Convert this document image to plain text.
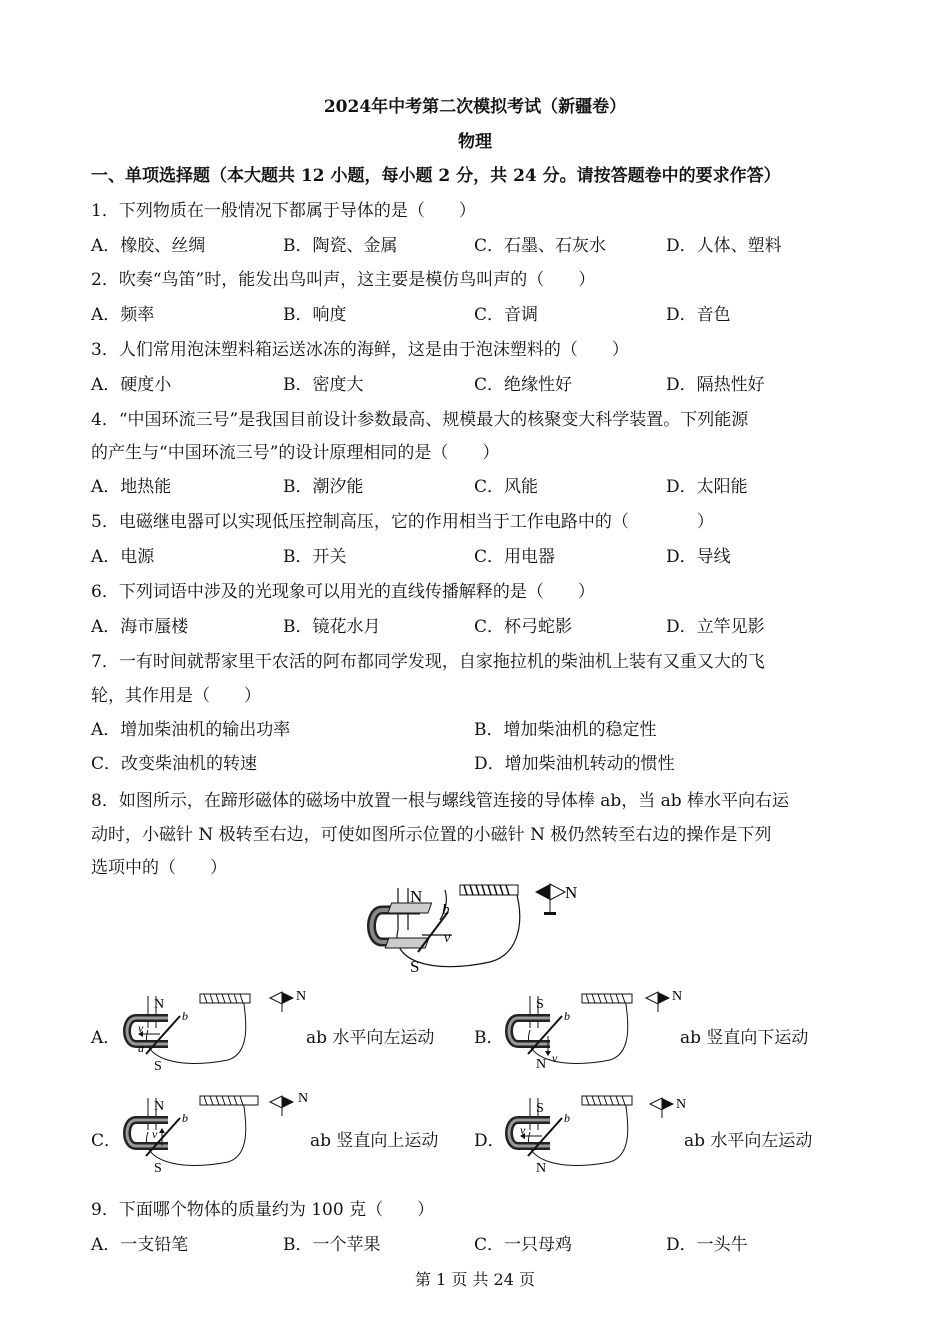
2024年中考第二次模拟考试（新疆卷）
物理
一、单项选择题（本大题共 12 小题，每小题 2 分，共 24 分。请按答题卷中的要求作答）
1．下列物质在一般情况下都属于导体的是（　　）
A．橡胶、丝绸	B．陶瓷、金属	C．石墨、石灰水	D．人体、塑料
2．吹奏“鸟笛”时，能发出鸟叫声，这主要是模仿鸟叫声的（　　）
A．频率	B．响度	C．音调	D．音色
3．人们常用泡沫塑料箱运送冰冻的海鲜，这是由于泡沫塑料的（　　）
A．硬度小	B．密度大	C．绝缘性好	D．隔热性好
4．“中国环流三号”是我国目前设计参数最高、规模最大的核聚变大科学装置。下列能源
的产生与“中国环流三号”的设计原理相同的是（　　）
A．地热能	B．潮汐能	C．风能	D．太阳能
5．电磁继电器可以实现低压控制高压，它的作用相当于工作电路中的（　　　　）
A．电源	B．开关	C．用电器	D．导线
6．下列词语中涉及的光现象可以用光的直线传播解释的是（　　）
A．海市蜃楼	B．镜花水月	C．杯弓蛇影	D．立竿见影
7．一有时间就帮家里干农活的阿布都同学发现，自家拖拉机的柴油机上装有又重又大的飞
轮，其作用是（　　）
A．增加柴油机的输出功率	B．增加柴油机的稳定性
C．改变柴油机的转速	D．增加柴油机转动的惯性
8．如图所示，在蹄形磁体的磁场中放置一根与螺线管连接的导体棒 ab，当 ab 棒水平向右运
动时，小磁针 N 极转至右边，可使如图所示位置的小磁针 N 极仍然转至右边的操作是下列
选项中的（　　）
N
S
b
v
N
A．	ab 水平向左运动 B．	ab 竖直向下运动
C．	ab 竖直向上运动 D．	ab 水平向左运动
N
S
b
v
a
N
S
N
b
v
N
N
S
b
v
N
S
N
b
v
N
9．下面哪个物体的质量约为 100 克（　　）
A．一支铅笔	B．一个苹果	C．一只母鸡	D．一头牛
第 1 页 共 24 页
